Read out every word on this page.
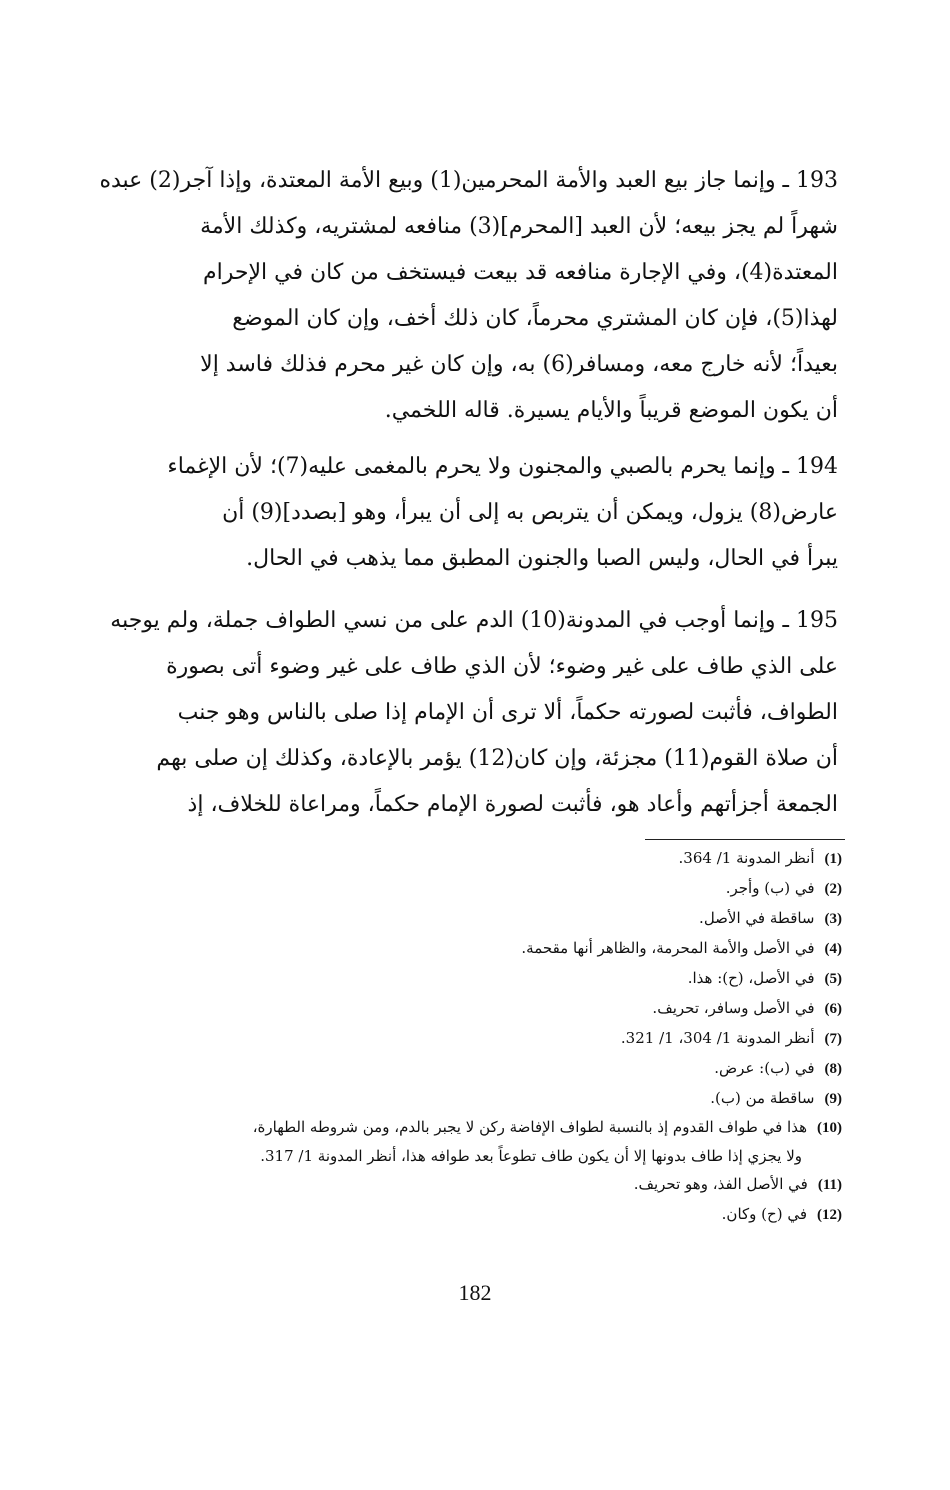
193 ـ وإنما جاز بيع العبد والأمة المحرمين(1) وبيع الأمة المعتدة، وإذا آجر(2) عبده
شهراً لم يجز بيعه؛ لأن العبد [المحرم](3) منافعه لمشتريه، وكذلك الأمة
المعتدة(4)، وفي الإجارة منافعه قد بيعت فيستخف من كان في الإحرام
لهذا(5)، فإن كان المشتري محرماً، كان ذلك أخف، وإن كان الموضع
بعيداً؛ لأنه خارج معه، ومسافر(6) به، وإن كان غير محرم فذلك فاسد إلا
أن يكون الموضع قريباً والأيام يسيرة. قاله اللخمي.
194 ـ وإنما يحرم بالصبي والمجنون ولا يحرم بالمغمى عليه(7)؛ لأن الإغماء
عارض(8) يزول، ويمكن أن يتربص به إلى أن يبرأ، وهو [بصدد](9) أن
يبرأ في الحال، وليس الصبا والجنون المطبق مما يذهب في الحال.
195 ـ وإنما أوجب في المدونة(10) الدم على من نسي الطواف جملة، ولم يوجبه
على الذي طاف على غير وضوء؛ لأن الذي طاف على غير وضوء أتى بصورة
الطواف، فأثبت لصورته حكماً، ألا ترى أن الإمام إذا صلى بالناس وهو جنب
أن صلاة القوم(11) مجزئة، وإن كان(12) يؤمر بالإعادة، وكذلك إن صلى بهم
الجمعة أجزأتهم وأعاد هو، فأثبت لصورة الإمام حكماً، ومراعاة للخلاف، إذ
(1)أنظر المدونة 1/ 364.
(2)في (ب) وأجر.
(3)ساقطة في الأصل.
(4)في الأصل والأمة المحرمة، والظاهر أنها مقحمة.
(5)في الأصل، (ح): هذا.
(6)في الأصل وسافر، تحريف.
(7)أنظر المدونة 1/ 304، 1/ 321.
(8)في (ب): عرض.
(9)ساقطة من (ب).
(10)هذا في طواف القدوم إذ بالنسبة لطواف الإفاضة ركن لا يجبر بالدم، ومن شروطه الطهارة،
ولا يجزي إذا طاف بدونها إلا أن يكون طاف تطوعاً بعد طوافه هذا، أنظر المدونة 1/ 317.
(11)في الأصل الفذ، وهو تحريف.
(12)في (ح) وكان.
182
